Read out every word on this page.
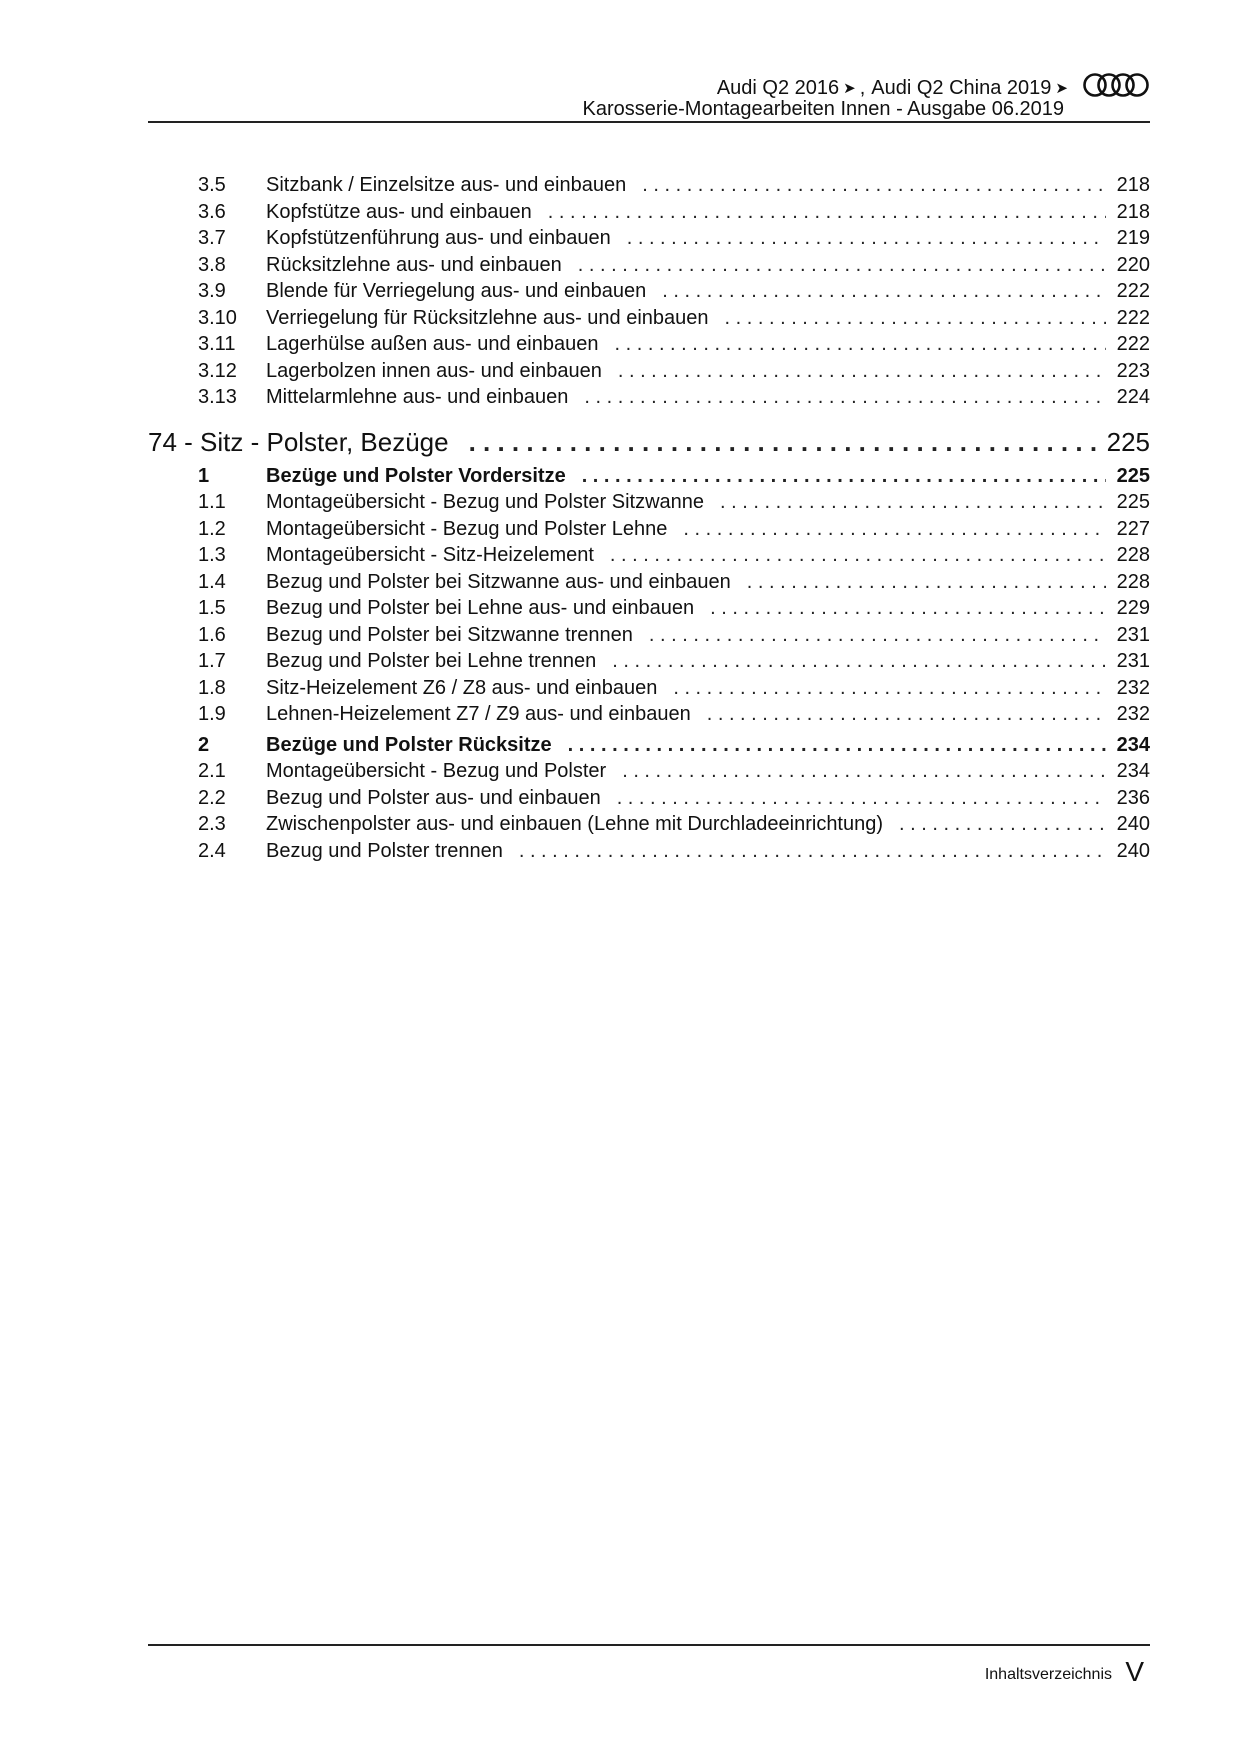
Audi Q2 2016 ➤ , Audi Q2 China 2019 ➤
Karosserie-Montagearbeiten Innen - Ausgabe 06.2019
3.5	Sitzbank / Einzelsitze aus- und einbauen . . .	218
3.6	Kopfstütze aus- und einbauen . . .	218
3.7	Kopfstützenführung aus- und einbauen . . .	219
3.8	Rücksitzlehne aus- und einbauen . . .	220
3.9	Blende für Verriegelung aus- und einbauen . . .	222
3.10	Verriegelung für Rücksitzlehne aus- und einbauen . . .	222
3.11	Lagerhülse außen aus- und einbauen . . .	222
3.12	Lagerbolzen innen aus- und einbauen . . .	223
3.13	Mittelarmlehne aus- und einbauen . . .	224
74 - Sitz - Polster, Bezüge . . .	225
1	Bezüge und Polster Vordersitze . . .	225
1.1	Montageübersicht - Bezug und Polster Sitzwanne . . .	225
1.2	Montageübersicht - Bezug und Polster Lehne . . .	227
1.3	Montageübersicht - Sitz-Heizelement . . .	228
1.4	Bezug und Polster bei Sitzwanne aus- und einbauen . . .	228
1.5	Bezug und Polster bei Lehne aus- und einbauen . . .	229
1.6	Bezug und Polster bei Sitzwanne trennen . . .	231
1.7	Bezug und Polster bei Lehne trennen . . .	231
1.8	Sitz-Heizelement Z6 / Z8 aus- und einbauen . . .	232
1.9	Lehnen-Heizelement Z7 / Z9 aus- und einbauen . . .	232
2	Bezüge und Polster Rücksitze . . .	234
2.1	Montageübersicht - Bezug und Polster . . .	234
2.2	Bezug und Polster aus- und einbauen . . .	236
2.3	Zwischenpolster aus- und einbauen (Lehne mit Durchladeeinrichtung) . . .	240
2.4	Bezug und Polster trennen . . .	240
Inhaltsverzeichnis V
